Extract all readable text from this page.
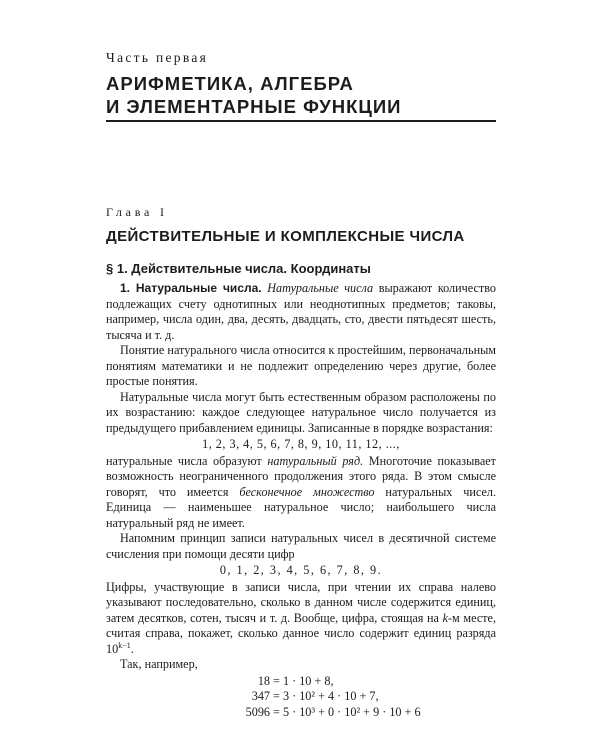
Часть первая

АРИФМЕТИКА, АЛГЕБРА
И ЭЛЕМЕНТАРНЫЕ ФУНКЦИИ

Глава I

ДЕЙСТВИТЕЛЬНЫЕ И КОМПЛЕКСНЫЕ ЧИСЛА
§ 1. Действительные числа. Координаты

1. Натуральные числа. Натуральные числа выражают количество подлежащих счету однотипных или неоднотипных предметов; таковы, например, числа один, два, десять, двадцать, сто, двести пятьдесят шесть, тысяча и т. д.

Понятие натурального числа относится к простейшим, первоначальным понятиям математики и не подлежит определению через другие, более простые понятия.

Натуральные числа могут быть естественным образом расположены по их возрастанию: каждое следующее натуральное число получается из предыдущего прибавлением единицы. Записанные в порядке возрастания:

1, 2, 3, 4, 5, 6, 7, 8, 9, 10, 11, 12, ...,

натуральные числа образуют натуральный ряд. Многоточие показывает возможность неограниченного продолжения этого ряда. В этом смысле говорят, что имеется бесконечное множество натуральных чисел. Единица — наименьшее натуральное число; наибольшего числа натуральный ряд не имеет.

Напомним принцип записи натуральных чисел в десятичной системе счисления при помощи десяти цифр

0, 1, 2, 3, 4, 5, 6, 7, 8, 9.

Цифры, участвующие в записи числа, при чтении их справа налево указывают последовательно, сколько в данном числе содержится единиц, затем десятков, сотен, тысяч и т. д. Вообще, цифра, стоящая на k-м месте, считая справа, покажет, сколько данное число содержит единиц разряда $10^{k-1}$.

Так, например,

18 = 1 · 10 + 8,
347 = 3 · 10² + 4 · 10 + 7,
5096 = 5 · 10³ + 0 · 10² + 9 · 10 + 6
